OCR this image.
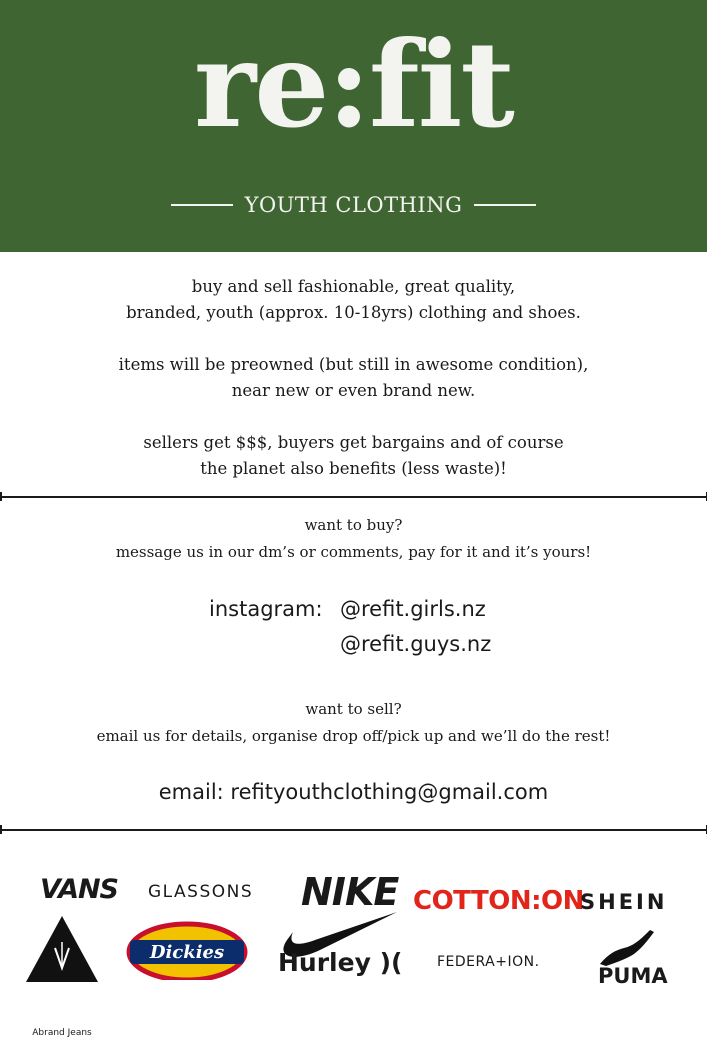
re:fit
YOUTH CLOTHING

buy and sell fashionable, great quality,
branded, youth (approx. 10-18yrs) clothing and shoes.

items will be preowned (but still in awesome condition),
near new or even brand new.

sellers get $$$, buyers get bargains and of course
the planet also benefits (less waste)!

want to buy?
message us in our dm’s or comments, pay for it and it’s yours!
instagram: @refit.girls.nz
@refit.guys.nz
want to sell?
email us for details, organise drop off/pick up and we’ll do the rest!
email: refityouthclothing@gmail.com
VANS GLASSONS NIKE COTTON:ON
SHEIN
Abrand Jeans
Dickies Hurley )( FEDERA+ION.
PUMA
